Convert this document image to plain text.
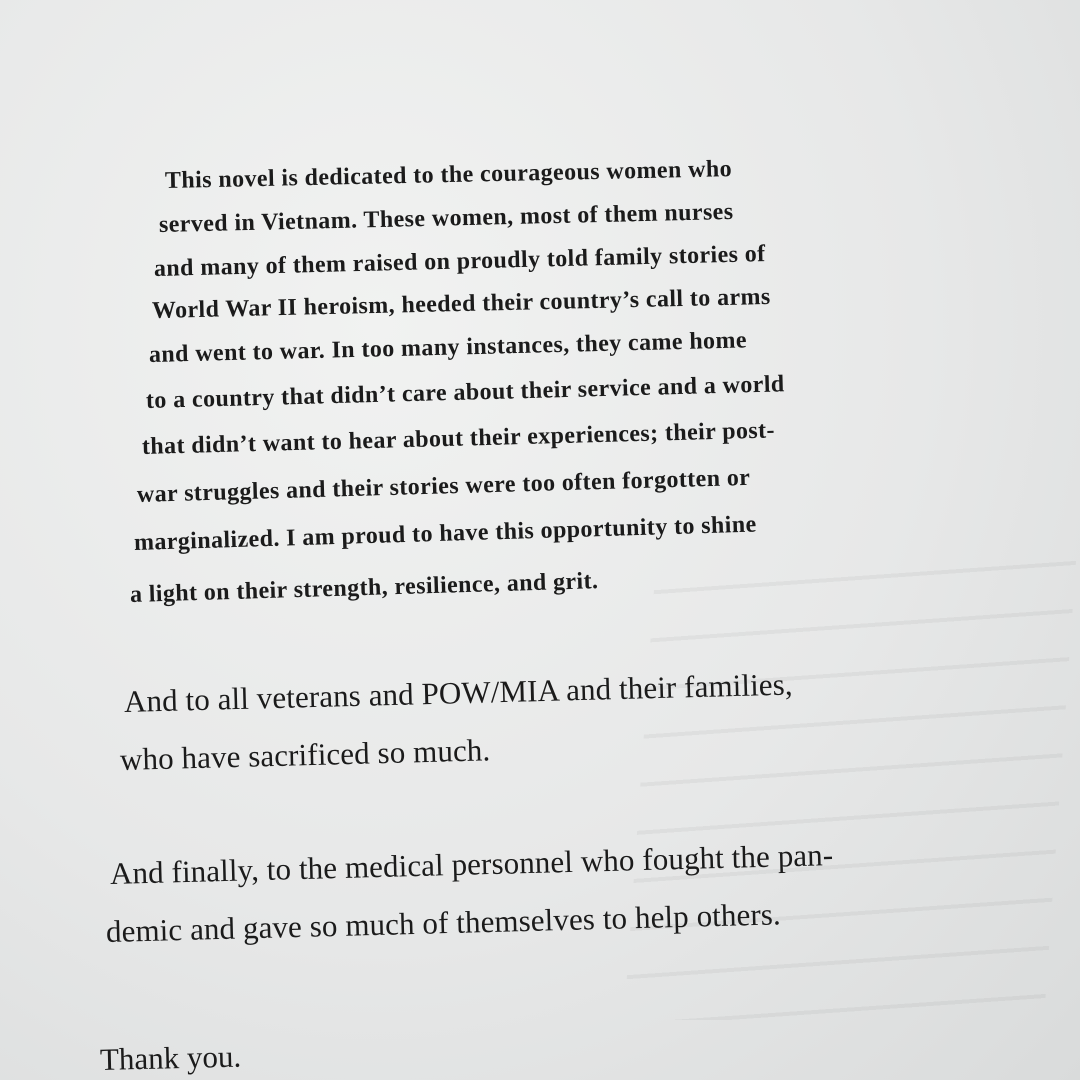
This novel is dedicated to the courageous women who
served in Vietnam. These women, most of them nurses
and many of them raised on proudly told family stories of
World War II heroism, heeded their country’s call to arms
and went to war. In too many instances, they came home
to a country that didn’t care about their service and a world
that didn’t want to hear about their experiences; their post-
war struggles and their stories were too often forgotten or
marginalized. I am proud to have this opportunity to shine
a light on their strength, resilience, and grit.
And to all veterans and POW/MIA and their families,
who have sacrificed so much.
And finally, to the medical personnel who fought the pan-
demic and gave so much of themselves to help others.
Thank you.
